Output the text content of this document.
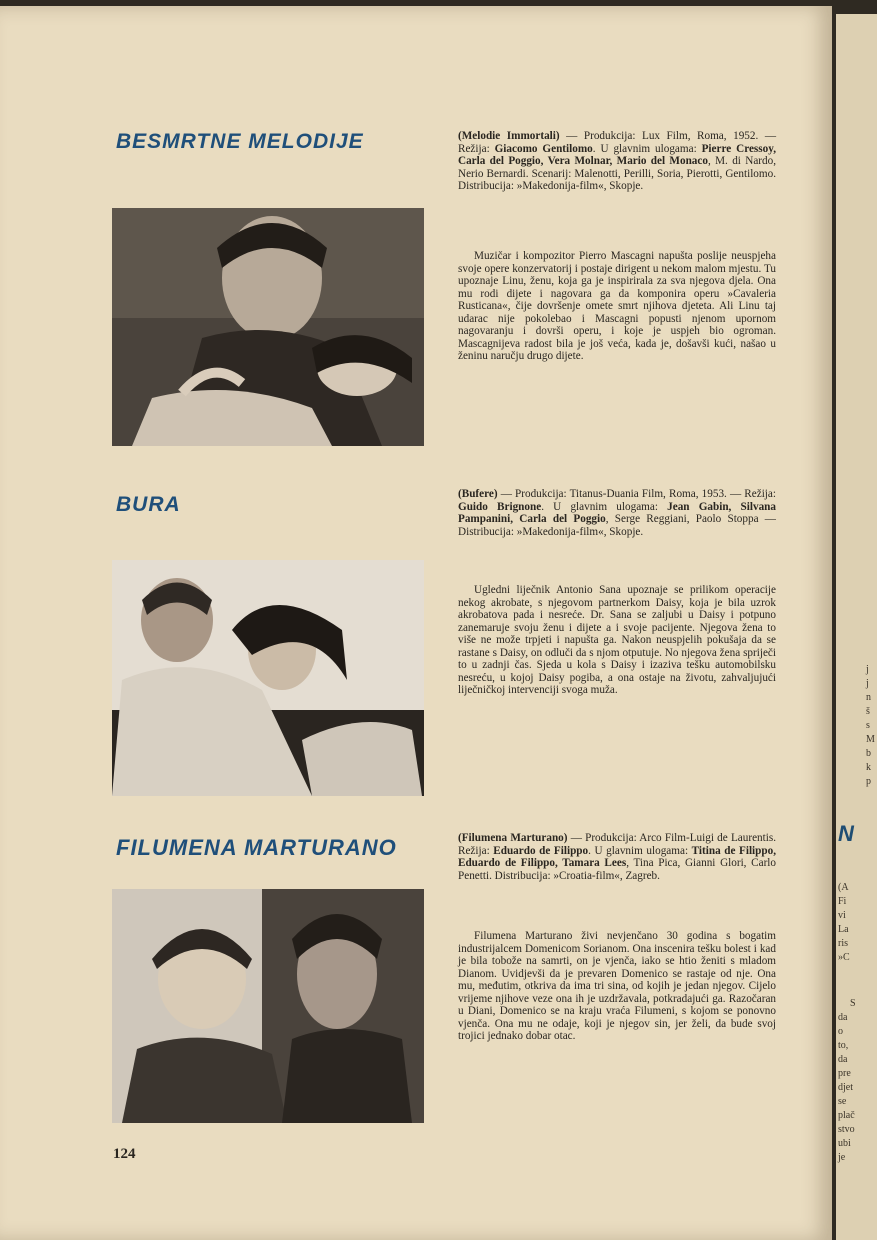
BESMRTNE MELODIJE	(Melodie Immortali) — Produkcija: Lux Film, Roma, 1952. — Režija: Giacomo Gentilomo. U glavnim ulogama: Pierre Cressoy, Carla del Poggio, Vera Molnar, Mario del Monaco, M. di Nardo, Nerio Bernardi. Scenarij: Malenotti, Perilli, Soria, Pierotti, Gentilomo. Distribucija: »Makedonija-film«, Skopje.

Muzičar i kompozitor Pierro Mascagni napušta poslije neuspjeha svoje opere konzervatorij i postaje dirigent u nekom malom mjestu. Tu upoznaje Linu, ženu, koja ga je inspirirala za sva njegova djela. Ona mu rodi dijete i nagovara ga da komponira operu »Cavaleria Rusticana«, čije dovršenje omete smrt njihova djeteta. Ali Linu taj udarac nije pokolebao i Mascagni popusti njenom upornom nagovaranju i dovrši operu, i koje je uspjeh bio ogroman. Mascagnijeva radost bila je još veća, kada je, došavši kući, našao u ženinu naručju drugo dijete.

BURA	(Bufere) — Produkcija: Titanus-Duania Film, Roma, 1953. — Režija: Guido Brignone. U glavnim ulogama: Jean Gabin, Silvana Pampanini, Carla del Poggio, Serge Reggiani, Paolo Stoppa — Distribucija: »Makedonija-film«, Skopje.

Ugledni liječnik Antonio Sana upoznaje se prilikom operacije nekog akrobate, s njegovom partnerkom Daisy, koja je bila uzrok akrobatova pada i nesreće. Dr. Sana se zaljubi u Daisy i potpuno zanemaruje svoju ženu i dijete a i svoje pacijente. Njegova žena to više ne može trpjeti i napušta ga. Nakon neuspjelih pokušaja da se rastane s Daisy, on odluči da s njom otputuje. No njegova žena spriječi to u zadnji čas. Sjeda u kola s Daisy i izaziva tešku automobilsku nesreću, u kojoj Daisy pogiba, a ona ostaje na životu, zahvaljujući liječničkoj intervenciji svoga muža.

FILUMENA MARTURANO	(Filumena Marturano) — Produkcija: Arco Film-Luigi de Laurentis. Režija: Eduardo de Filippo. U glavnim ulogama: Titina de Filippo, Eduardo de Filippo, Tamara Lees, Tina Pica, Gianni Glori, Carlo Penetti. Distribucija: »Croatia-film«, Zagreb.

Filumena Marturano živi nevjenčano 30 godina s bogatim industrijalcem Domenicom Sorianom. Ona inscenira tešku bolest i kad je bila tobože na samrti, on je vjenča, iako se htio ženiti s mladom Dianom. Uvidjevši da je prevaren Domenico se rastaje od nje. Ona mu, međutim, otkriva da ima tri sina, od kojih je jedan njegov. Cijelo vrijeme njihove veze ona ih je uzdržavala, potkradajući ga. Razočaran u Diani, Domenico se na kraju vraća Filumeni, s kojom se ponovno vjenča. Ona mu ne odaje, koji je njegov sin, jer želi, da bude svoj trojici jednako dobar otac.

124
N
(A
Fi
vi
La
ris
»C
S
da
o
to,
da
pre
djet
se
plač
stvo
ubi
je
j
j
n
š
s
M
b
k
p
